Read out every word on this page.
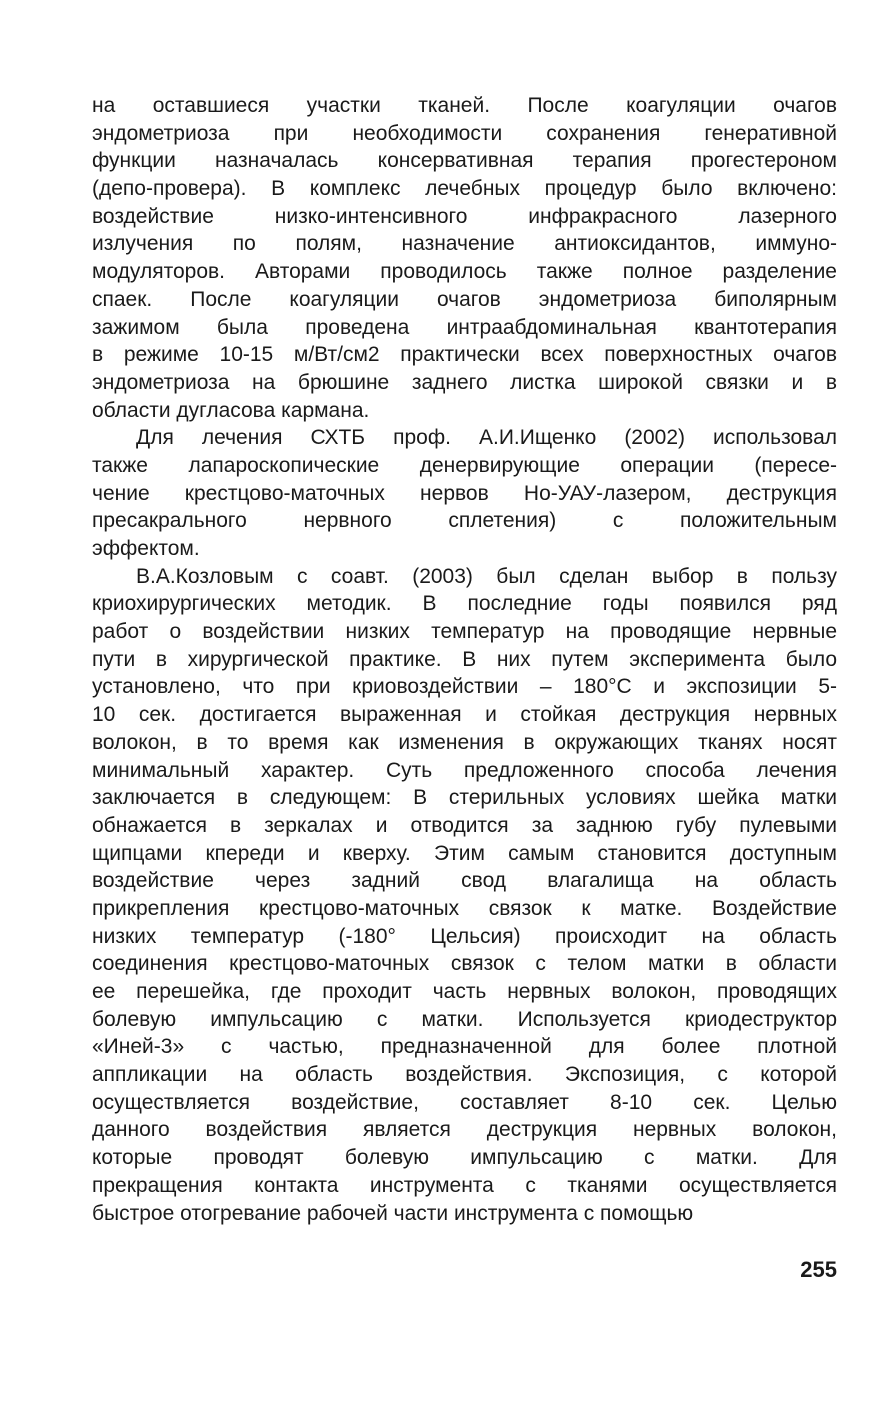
на оставшиеся участки тканей. После коагуляции очагов
эндометриоза при необходимости сохранения генеративной
функции назначалась консервативная терапия прогестероном
(депо-провера). В комплекс лечебных процедур было включено:
воздействие низко-интенсивного инфракрасного лазерного
излучения по полям, назначение антиоксидантов, иммуно-
модуляторов. Авторами проводилось также полное разделение
спаек. После коагуляции очагов эндометриоза биполярным
зажимом была проведена интраабдоминальная квантотерапия
в режиме 10-15 м/Вт/см2 практически всех поверхностных очагов
эндометриоза на брюшине заднего листка широкой связки и в
области дугласова кармана.
Для лечения СХТБ проф. А.И.Ищенко (2002) использовал
также лапароскопические денервирующие операции (пересе-
чение крестцово-маточных нервов Но-УАУ-лазером, деструкция
пресакрального нервного сплетения) с положительным
эффектом.
В.А.Козловым с соавт. (2003) был сделан выбор в пользу
криохирургических методик. В последние годы появился ряд
работ о воздействии низких температур на проводящие нервные
пути в хирургической практике. В них путем эксперимента было
установлено, что при криовоздействии – 180°С и экспозиции 5-
10 сек. достигается выраженная и стойкая деструкция нервных
волокон, в то время как изменения в окружающих тканях носят
минимальный характер. Суть предложенного способа лечения
заключается в следующем: В стерильных условиях шейка матки
обнажается в зеркалах и отводится за заднюю губу пулевыми
щипцами кпереди и кверху. Этим самым становится доступным
воздействие через задний свод влагалища на область
прикрепления крестцово-маточных связок к матке. Воздействие
низких температур (-180° Цельсия) происходит на область
соединения крестцово-маточных связок с телом матки в области
ее перешейка, где проходит часть нервных волокон, проводящих
болевую импульсацию с матки. Используется криодеструктор
«Иней-3» с частью, предназначенной для более плотной
аппликации на область воздействия. Экспозиция, с которой
осуществляется воздействие, составляет 8-10 сек. Целью
данного воздействия является деструкция нервных волокон,
которые проводят болевую импульсацию с матки. Для
прекращения контакта инструмента с тканями осуществляется
быстрое отогревание рабочей части инструмента с помощью
255
